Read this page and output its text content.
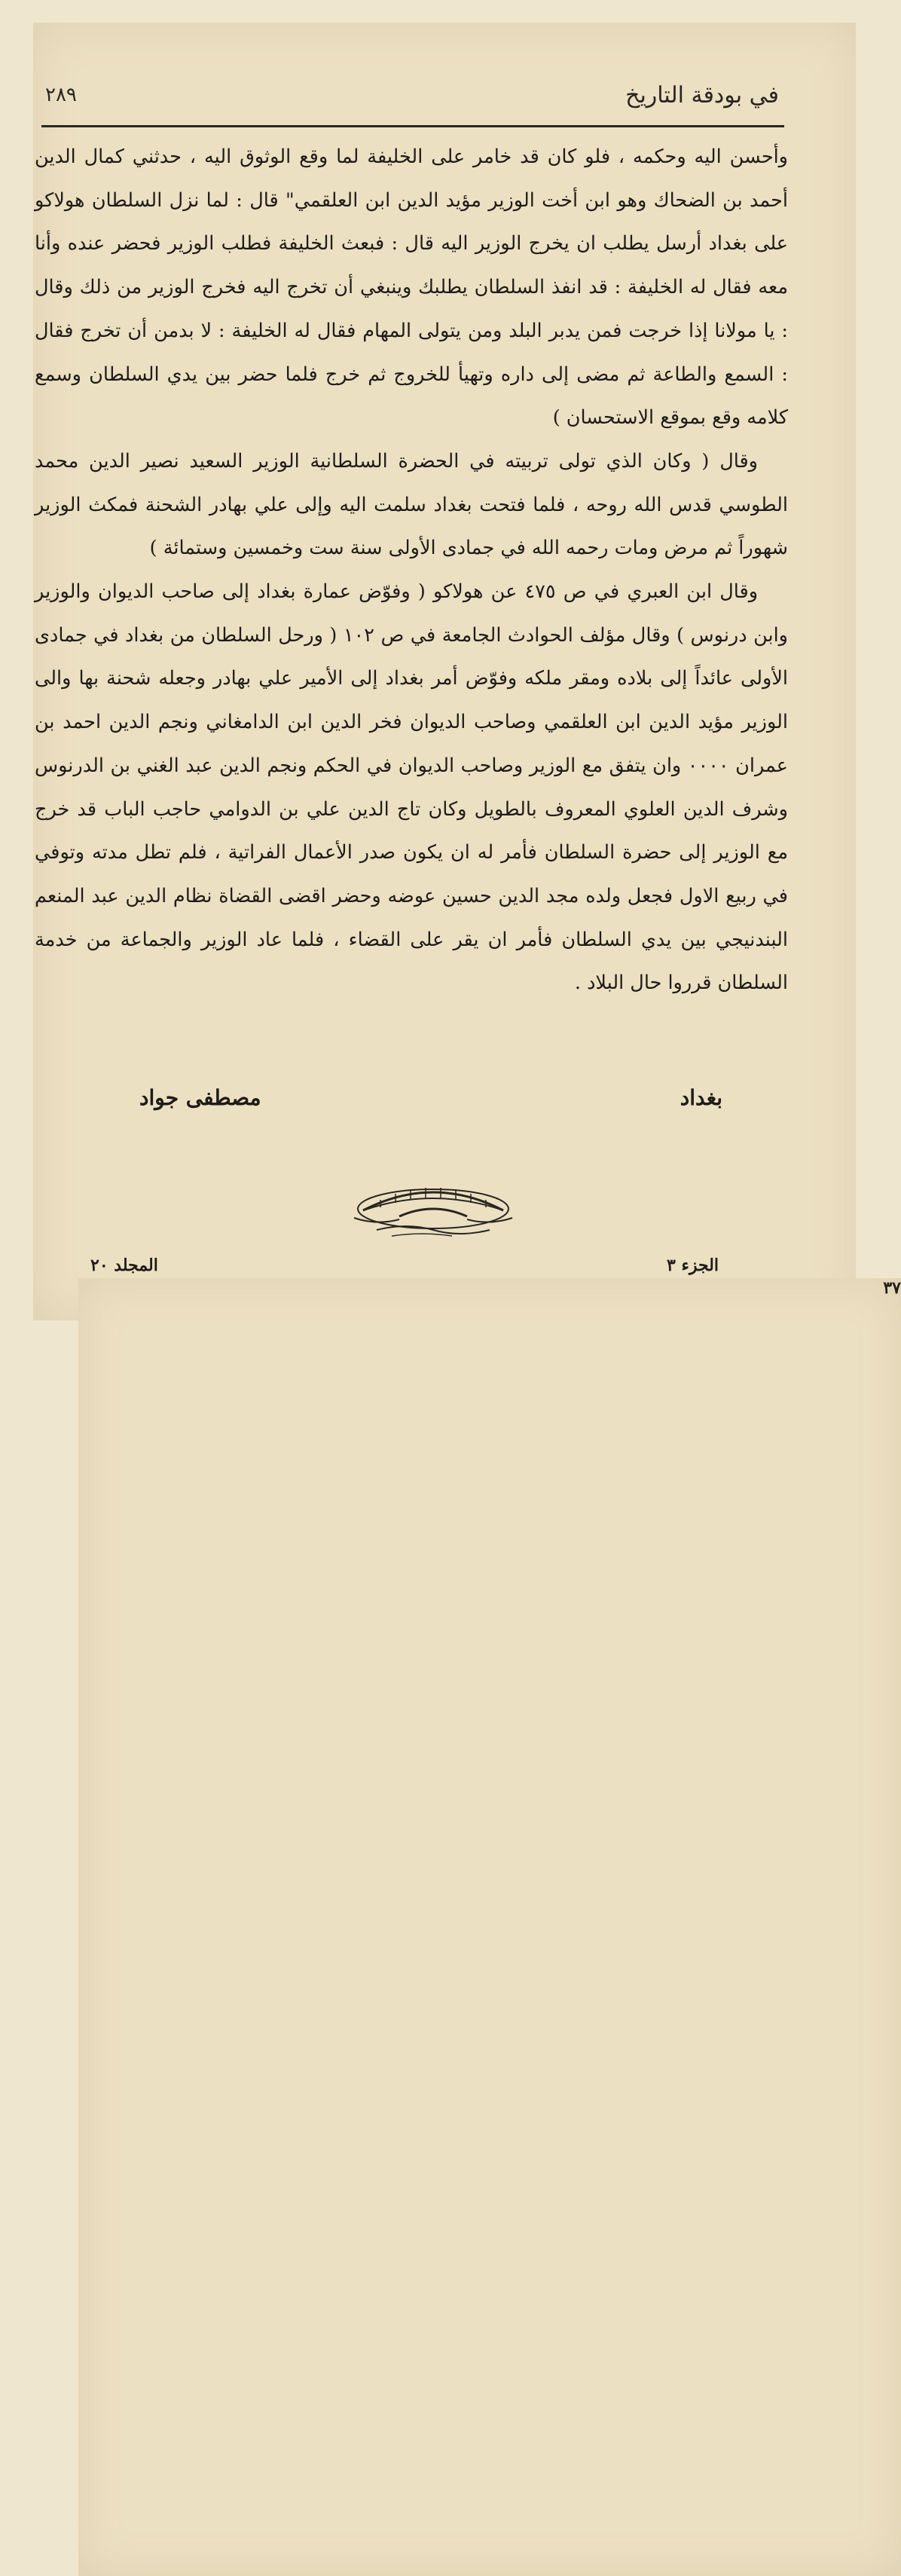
في بودقة التاريخ
٢٨٩

وأحسن اليه وحكمه ، فلو كان قد خامر على الخليفة لما وقع الوثوق اليه ، حدثني كمال الدين أحمد بن الضحاك وهو ابن أخت الوزير مؤيد الدين ابن العلقمي" قال : لما نزل السلطان هولاكو على بغداد أرسل يطلب ان يخرج الوزير اليه قال : فبعث الخليفة فطلب الوزير فحضر عنده وأنا معه فقال له الخليفة : قد انفذ السلطان يطلبك وينبغي أن تخرج اليه فخرج الوزير من ذلك وقال : يا مولانا إذا خرجت فمن يدبر البلد ومن يتولى المهام فقال له الخليفة : لا بدمن أن تخرج فقال : السمع والطاعة ثم مضى إلى داره وتهيأ للخروج ثم خرج فلما حضر بين يدي السلطان وسمع كلامه وقع بموقع الاستحسان )

وقال ( وكان الذي تولى تربيته في الحضرة السلطانية الوزير السعيد نصير الدين محمد الطوسي قدس الله روحه ، فلما فتحت بغداد سلمت اليه وإلى علي بهادر الشحنة فمكث الوزير شهوراً ثم مرض ومات رحمه الله في جمادى الأولى سنة ست وخمسين وستمائة )

وقال ابن العبري في ص ٤٧٥ عن هولاكو ( وفوّض عمارة بغداد إلى صاحب الديوان والوزير وابن درنوس ) وقال مؤلف الحوادث الجامعة في ص ١٠٢ ( ورحل السلطان من بغداد في جمادى الأولى عائداً إلى بلاده ومقر ملكه وفوّض أمر بغداد إلى الأمير علي بهادر وجعله شحنة بها والى الوزير مؤيد الدين ابن العلقمي وصاحب الديوان فخر الدين ابن الدامغاني ونجم الدين احمد بن عمران ٠٠٠٠ وان يتفق مع الوزير وصاحب الديوان في الحكم ونجم الدين عبد الغني بن الدرنوس وشرف الدين العلوي المعروف بالطويل وكان تاج الدين علي بن الدوامي حاجب الباب قد خرج مع الوزير إلى حضرة السلطان فأمر له ان يكون صدر الأعمال الفراتية ، فلم تطل مدته وتوفي في ربيع الاول فجعل ولده مجد الدين حسين عوضه وحضر اقضى القضاة نظام الدين عبد المنعم البندنيجي بين يدي السلطان فأمر ان يقر على القضاء ، فلما عاد الوزير والجماعة من خدمة السلطان قرروا حال البلاد .

بغداد
مصطفى جواد
الجزء ٣
٣٧
المجلد ٢٠
